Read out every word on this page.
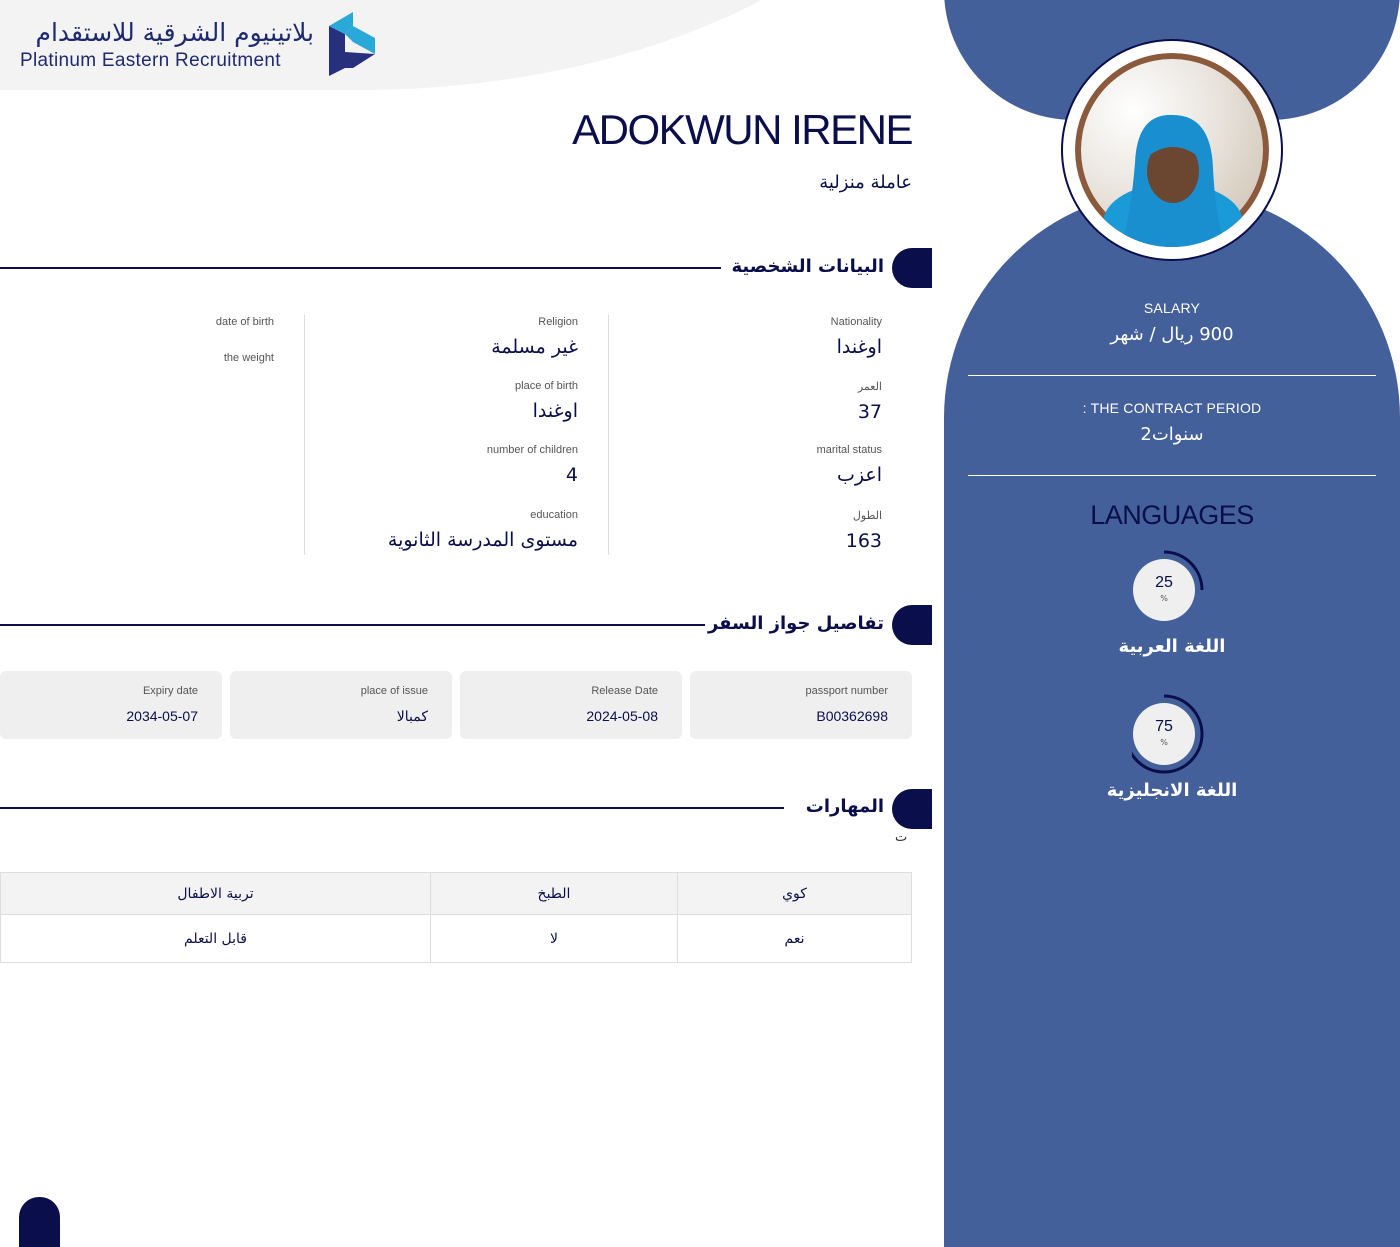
بلاتينيوم الشرقية للاستقدام
Platinum Eastern Recruitment
SALARY
900 ريال / شهر
: THE CONTRACT PERIOD
2سنوات
LANGUAGES
25
%
اللغة العربية
75
%
اللغة الانجليزية
ADOKWUN IRENE
عاملة منزلية
البيانات الشخصية
Nationality
اوغندا
العمر
37
marital status
اعزب
الطول
163
Religion
غير مسلمة
place of birth
اوغندا
number of children
4
education
مستوى المدرسة الثانوية
date of birth
the weight
تفاصيل جواز السفر
passport number
B00362698
Release Date
2024-05-08
place of issue
كمبالا
Expiry date
2034-05-07
المهارات
ت
تربية الاطفال	الطبخ	كوي
قابل التعلم	لا	نعم
